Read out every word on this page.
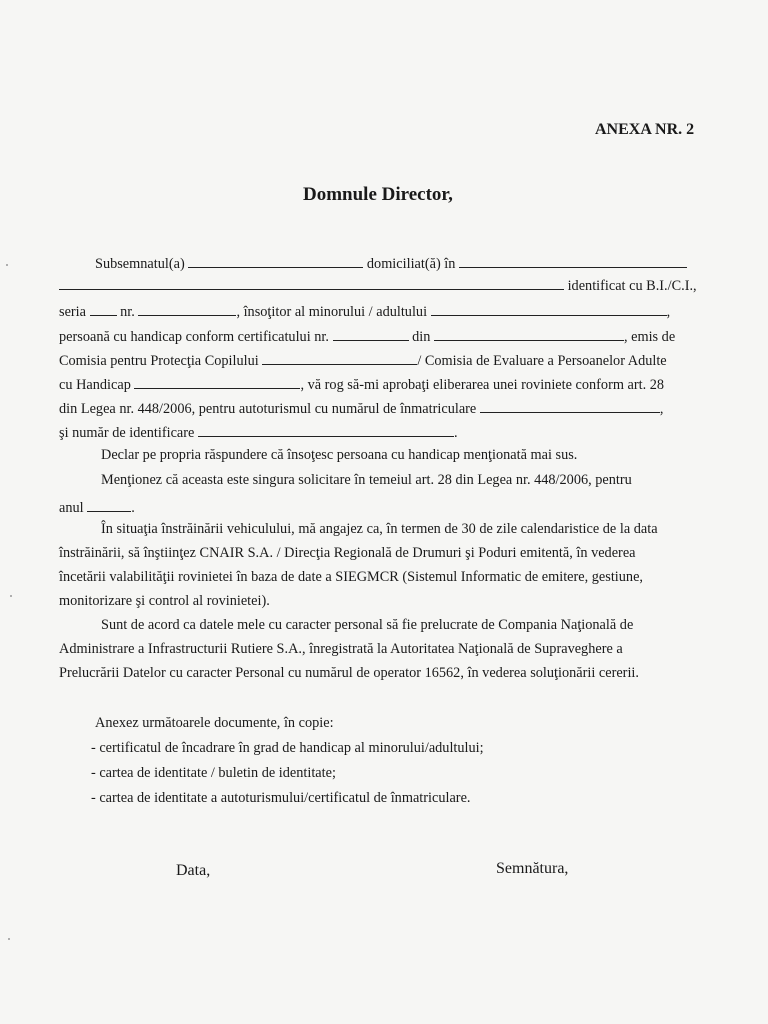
ANEXA NR. 2
Domnule Director,
Subsemnatul(a)	domiciliat(ă) în
identificat cu B.I./C.I.,
seria nr.	, însoţitor al minorului / adultului	,
persoană cu handicap conform certificatului nr.	din	, emis de
Comisia pentru Protecţia Copilului	/ Comisia de Evaluare a Persoanelor Adulte
cu Handicap	, vă rog să-mi aprobaţi eliberarea unei roviniete conform art. 28
din Legea nr. 448/2006, pentru autoturismul cu numărul de înmatriculare	,
şi număr de identificare	.
Declar pe propria răspundere că însoţesc persoana cu handicap menţionată mai sus.
Menţionez că aceasta este singura solicitare în temeiul art. 28 din Legea nr. 448/2006, pentru
anul	.
În situaţia înstrăinării vehiculului, mă angajez ca, în termen de 30 de zile calendaristice de la data
înstrăinării, să înştiinţez CNAIR S.A. / Direcţia Regională de Drumuri şi Poduri emitentă, în vederea
încetării valabilităţii rovinietei în baza de date a SIEGMCR (Sistemul Informatic de emitere, gestiune,
monitorizare şi control al rovinietei).
Sunt de acord ca datele mele cu caracter personal să fie prelucrate de Compania Naţională de
Administrare a Infrastructurii Rutiere S.A., înregistrată la Autoritatea Naţională de Supraveghere a
Prelucrării Datelor cu caracter Personal cu numărul de operator 16562, în vederea soluţionării cererii.
Anexez următoarele documente, în copie:
- certificatul de încadrare în grad de handicap al minorului/adultului;
- cartea de identitate / buletin de identitate;
- cartea de identitate a autoturismului/certificatul de înmatriculare.
Data,	Semnătura,
